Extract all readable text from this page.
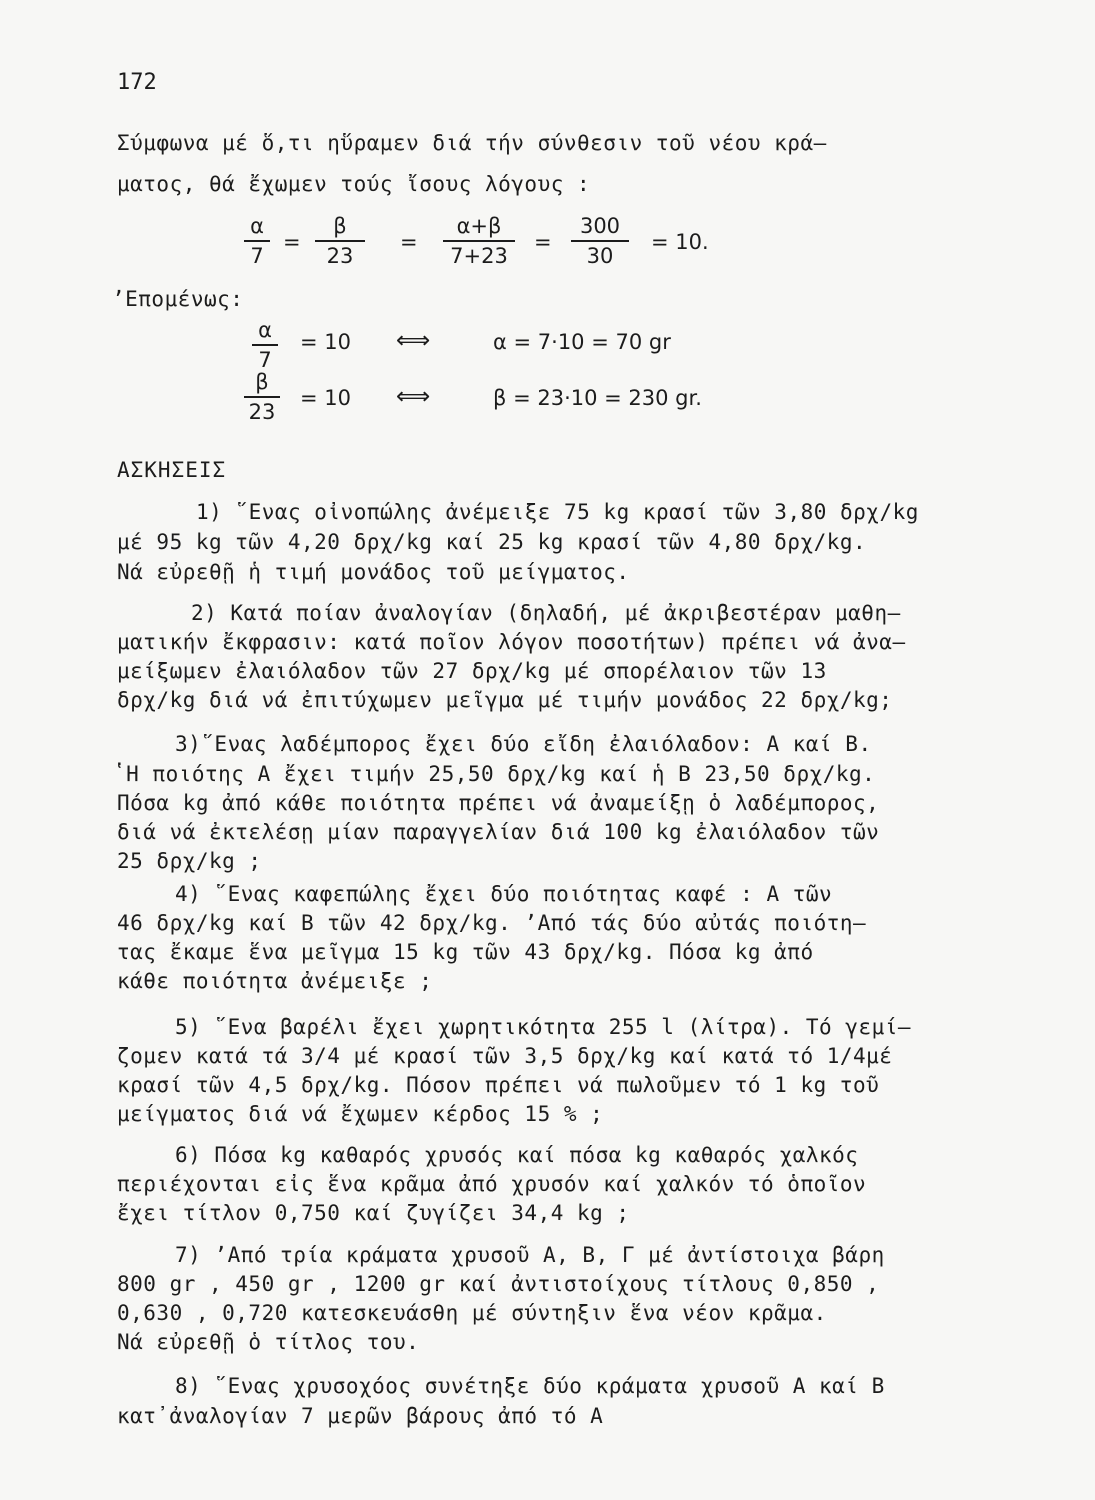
172
Σύμφωνα μέ ὅ,τι ηὕραμεν διά τήν σύνθεσιν τοῦ νέου κρά–
ματος, θά ἔχωμεν τούς ἴσους λόγους :
$\frac{\alpha}{7} = \frac{\beta}{23} = \frac{\alpha+\beta}{7+23} = \frac{300}{30} = 10$.
ʼΕπομένως:
$\frac{\alpha}{7} = 10$ ⟺	α = 7·10 = 70 gr
$\frac{\beta}{23} = 10$ ⟺	β = 23·10 = 230 gr.
ΑΣΚΗΣΕΙΣ
1) ῞Ενας οἰνοπώλης ἀνέμειξε 75 kg κρασί τῶν 3,80 δρχ/kg
μέ 95 kg τῶν 4,20 δρχ/kg καί 25 kg κρασί τῶν 4,80 δρχ/kg.
Νά εὐρεθῇ ἡ τιμή μονάδος τοῦ μείγματος.
2) Κατά ποίαν ἀναλογίαν (δηλαδή, μέ ἀκριβεστέραν μαθη–
ματικήν ἔκφρασιν: κατά ποῖον λόγον ποσοτήτων) πρέπει νά ἀνα–
μείξωμεν ἐλαιόλαδον τῶν 27 δρχ/kg μέ σπορέλαιον τῶν 13
δρχ/kg διά νά ἐπιτύχωμεν μεῖγμα μέ τιμήν μονάδος 22 δρχ/kg;
3)῞Ενας λαδέμπορος ἔχει δύο εἴδη ἐλαιόλαδον: Α καί Β.
ʽΗ ποιότης Α ἔχει τιμήν 25,50 δρχ/kg καί ἡ Β 23,50 δρχ/kg.
Πόσα kg ἀπό κάθε ποιότητα πρέπει νά ἀναμείξῃ ὁ λαδέμπορος,
διά νά ἐκτελέσῃ μίαν παραγγελίαν διά 100 kg ἐλαιόλαδον τῶν
25 δρχ/kg ;
4) ῞Ενας καφεπώλης ἔχει δύο ποιότητας καφέ : Α τῶν
46 δρχ/kg καί Β τῶν 42 δρχ/kg. ʼΑπό τάς δύο αὐτάς ποιότη–
τας ἔκαμε ἕνα μεῖγμα 15 kg τῶν 43 δρχ/kg. Πόσα kg ἀπό
κάθε ποιότητα ἀνέμειξε ;
5) ῞Ενα βαρέλι ἔχει χωρητικότητα 255 l (λίτρα). Τό γεμί–
ζομεν κατά τά 3/4 μέ κρασί τῶν 3,5 δρχ/kg καί κατά τό 1/4μέ
κρασί τῶν 4,5 δρχ/kg. Πόσον πρέπει νά πωλοῦμεν τό 1 kg τοῦ
μείγματος διά νά ἔχωμεν κέρδος 15 % ;
6) Πόσα kg καθαρός χρυσός καί πόσα kg καθαρός χαλκός
περιέχονται εἰς ἕνα κρᾶμα ἀπό χρυσόν καί χαλκόν τό ὁποῖον
ἔχει τίτλον 0,750 καί ζυγίζει 34,4 kg ;
7) ʼΑπό τρία κράματα χρυσοῦ Α, Β, Γ μέ ἀντίστοιχα βάρη
800 gr , 450 gr , 1200 gr καί ἀντιστοίχους τίτλους 0,850 ,
0,630 , 0,720 κατεσκευάσθη μέ σύντηξιν ἕνα νέον κρᾶμα.
Νά εὐρεθῇ ὁ τίτλος του.
8) ῞Ενας χρυσοχόος συνέτηξε δύο κράματα χρυσοῦ Α καί Β
κατ᾽ἀναλογίαν 7 μερῶν βάρους ἀπό τό Α
